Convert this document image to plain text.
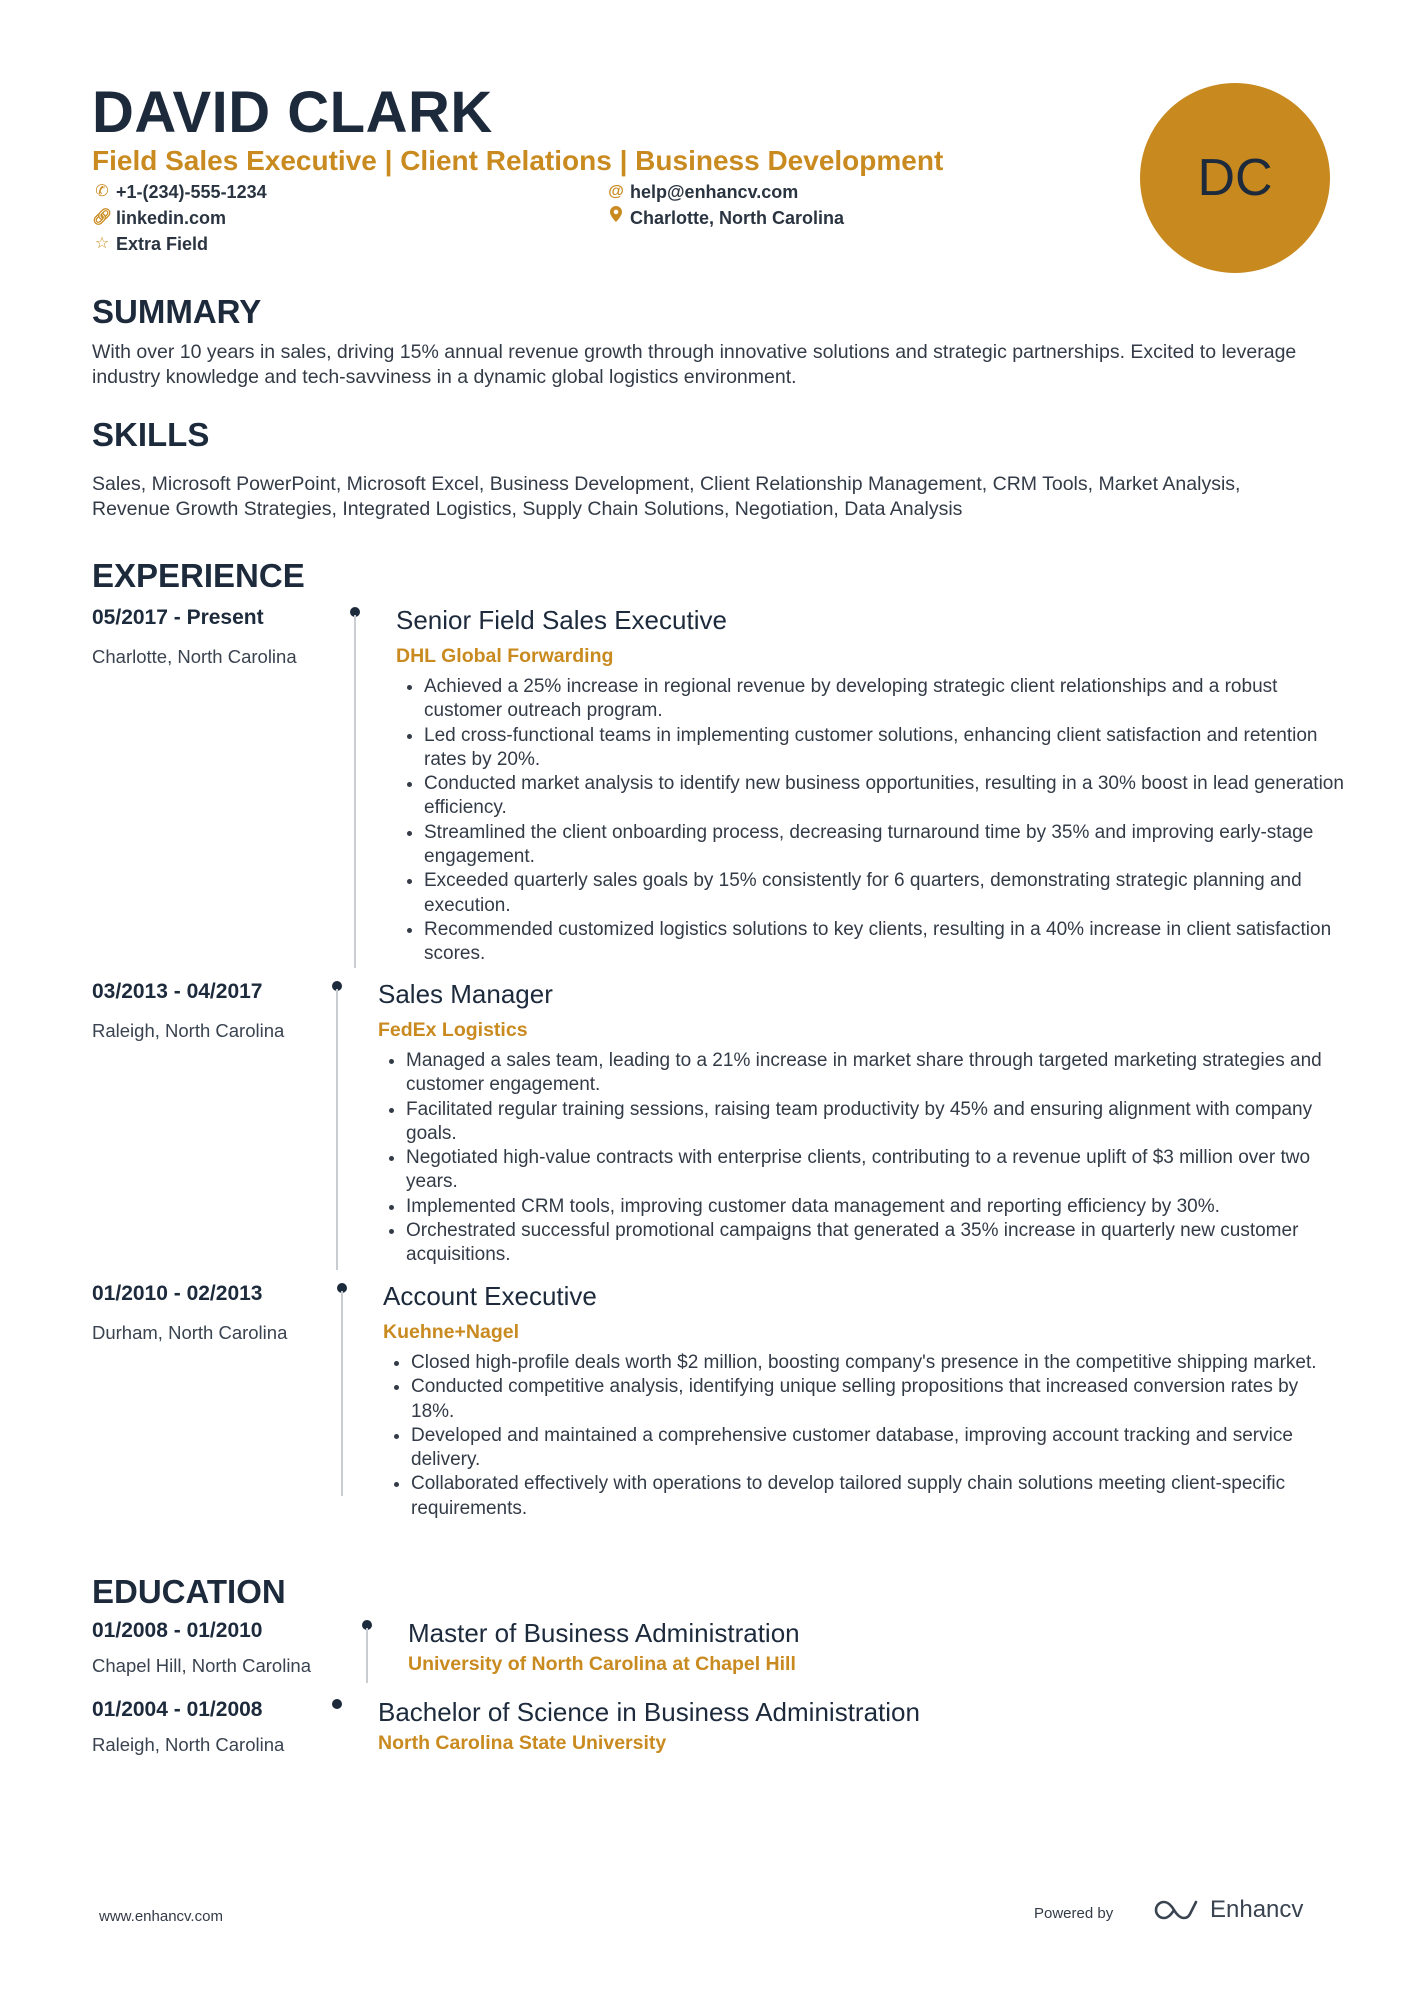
DAVID CLARK
Field Sales Executive | Client Relations | Business Development
✆ +1-(234)-555-1234	@ help@enhancv.com
🔗︎ linkedin.com	Charlotte, North Carolina
☆ Extra Field
DC
SUMMARY
With over 10 years in sales, driving 15% annual revenue growth through innovative solutions and strategic partnerships. Excited to leverage industry knowledge and tech-savviness in a dynamic global logistics environment.
SKILLS
Sales, Microsoft PowerPoint, Microsoft Excel, Business Development, Client Relationship Management, CRM Tools, Market Analysis, Revenue Growth Strategies, Integrated Logistics, Supply Chain Solutions, Negotiation, Data Analysis
EXPERIENCE
05/2017 - Present
Charlotte, North Carolina
Senior Field Sales Executive
DHL Global Forwarding
• Achieved a 25% increase in regional revenue by developing strategic client relationships and a robust customer outreach program.
• Led cross-functional teams in implementing customer solutions, enhancing client satisfaction and retention rates by 20%.
• Conducted market analysis to identify new business opportunities, resulting in a 30% boost in lead generation efficiency.
• Streamlined the client onboarding process, decreasing turnaround time by 35% and improving early-stage engagement.
• Exceeded quarterly sales goals by 15% consistently for 6 quarters, demonstrating strategic planning and execution.
• Recommended customized logistics solutions to key clients, resulting in a 40% increase in client satisfaction scores.
03/2013 - 04/2017
Raleigh, North Carolina
Sales Manager
FedEx Logistics
• Managed a sales team, leading to a 21% increase in market share through targeted marketing strategies and customer engagement.
• Facilitated regular training sessions, raising team productivity by 45% and ensuring alignment with company goals.
• Negotiated high-value contracts with enterprise clients, contributing to a revenue uplift of $3 million over two years.
• Implemented CRM tools, improving customer data management and reporting efficiency by 30%.
• Orchestrated successful promotional campaigns that generated a 35% increase in quarterly new customer acquisitions.
01/2010 - 02/2013
Durham, North Carolina
Account Executive
Kuehne+Nagel
• Closed high-profile deals worth $2 million, boosting company's presence in the competitive shipping market.
• Conducted competitive analysis, identifying unique selling propositions that increased conversion rates by 18%.
• Developed and maintained a comprehensive customer database, improving account tracking and service delivery.
• Collaborated effectively with operations to develop tailored supply chain solutions meeting client-specific requirements.
EDUCATION
01/2008 - 01/2010
Chapel Hill, North Carolina
Master of Business Administration
University of North Carolina at Chapel Hill
01/2004 - 01/2008
Raleigh, North Carolina
Bachelor of Science in Business Administration
North Carolina State University
www.enhancv.com	Powered by	Enhancv
